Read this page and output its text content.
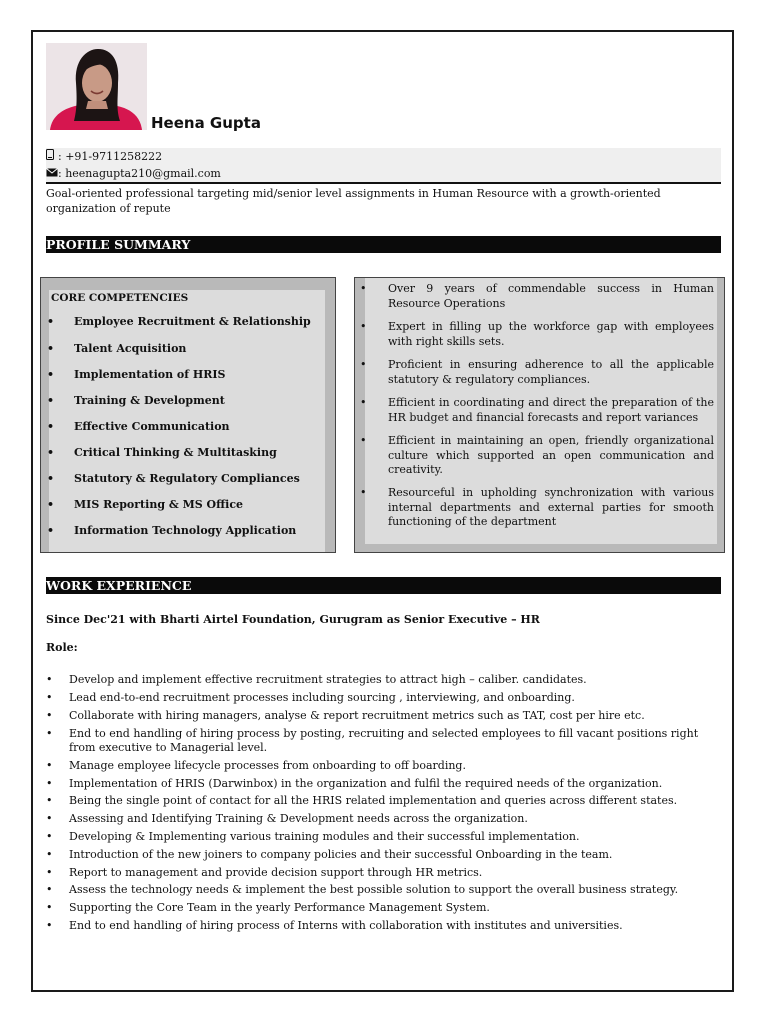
Heena Gupta
: +91-9711258222
: heenagupta210@gmail.com
Goal-oriented professional targeting mid/senior level assignments in Human Resource with a growth-oriented organization of repute
PROFILE SUMMARY
CORE COMPETENCIES
• Employee Recruitment & Relationship
• Talent Acquisition
• Implementation of HRIS
• Training & Development
• Effective Communication
• Critical Thinking & Multitasking
• Statutory & Regulatory Compliances
• MIS Reporting & MS Office
• Information Technology Application
• Over 9 years of commendable success in Human Resource Operations
• Expert in filling up the workforce gap with employees with right skills sets.
• Proficient in ensuring adherence to all the applicable statutory & regulatory compliances.
• Efficient in coordinating and direct the preparation of the HR budget and financial forecasts and report variances
• Efficient in maintaining an open, friendly organizational culture which supported an open communication and creativity.
• Resourceful in upholding synchronization with various internal departments and external parties for smooth functioning of the department
WORK EXPERIENCE
Since Dec'21 with Bharti Airtel Foundation, Gurugram as Senior Executive – HR
Role:
• Develop and implement effective recruitment strategies to attract high – caliber. candidates.
• Lead end-to-end recruitment processes including sourcing , interviewing, and onboarding.
• Collaborate with hiring managers, analyse & report recruitment metrics such as TAT, cost per hire etc.
• End to end handling of hiring process by posting, recruiting and selected employees to fill vacant positions right from executive to Managerial level.
• Manage employee lifecycle processes from onboarding to off boarding.
• Implementation of HRIS (Darwinbox) in the organization and fulfil the required needs of the organization.
• Being the single point of contact for all the HRIS related implementation and queries across different states.
• Assessing and Identifying Training & Development needs across the organization.
• Developing & Implementing various training modules and their successful implementation.
• Introduction of the new joiners to company policies and their successful Onboarding in the team.
• Report to management and provide decision support through HR metrics.
• Assess the technology needs & implement the best possible solution to support the overall business strategy.
• Supporting the Core Team in the yearly Performance Management System.
• End to end handling of hiring process of Interns with collaboration with institutes and universities.
